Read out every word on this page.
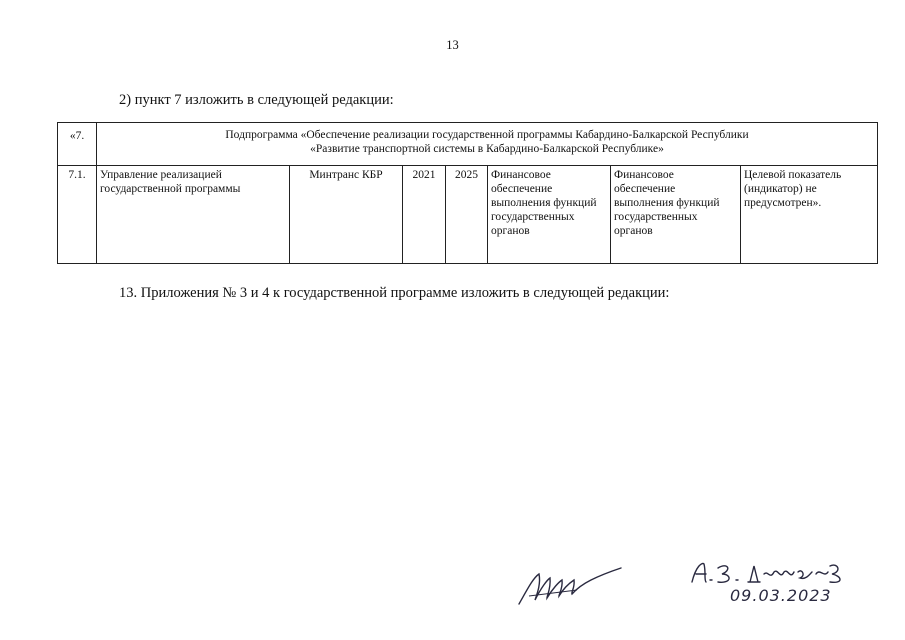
13
2) пункт 7 изложить в следующей редакции:
«7.	Подпрограмма «Обеспечение реализации государственной программы Кабардино-Балкарской Республики
«Развитие транспортной системы в Кабардино-Балкарской Республике»						

7.1.	Управление реализацией государственной программы	Минтранс КБР	2021	2025	Финансовое обеспечение выполнения функций государственных органов	Финансовое обеспечение выполнения функций государственных органов	Целевой показатель (индикатор) не предусмотрен».
13. Приложения № 3 и 4 к государственной программе изложить в следующей редакции:
09.03.2023
